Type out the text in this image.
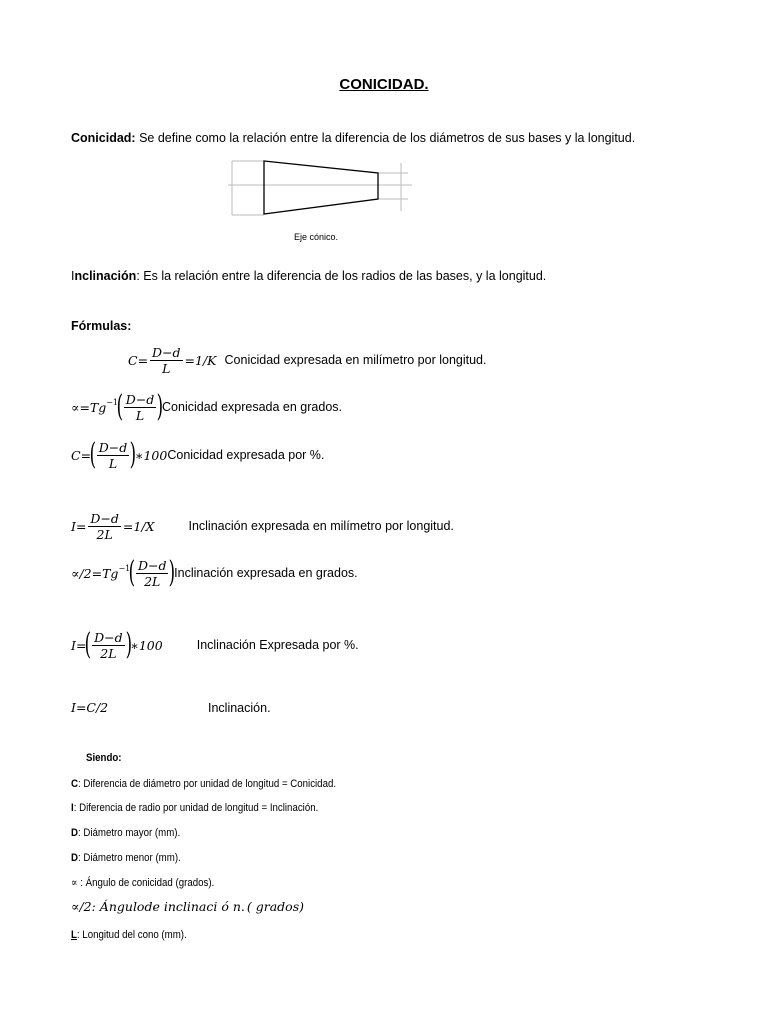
CONICIDAD.
Conicidad: Se define como la relación entre la diferencia de los diámetros de sus bases y la longitud.
Eje cónico.
Inclinación: Es la relación entre la diferencia de los radios de las bases, y la longitud.
Fórmulas:
$C= \frac{D-d}{L} =1/K$ Conicidad expresada en milímetro por longitud.
$\propto=Tg^{-1}$
( $\frac{D-d}{L}$ )
Conicidad expresada en grados.
C=
( $\frac{D-d}{L}$ )
∗100 Conicidad expresada por %.
$I= \frac{D-d}{2L} =1/X$	Inclinación expresada en milímetro por longitud.
$\propto/2=Tg^{-1}$
( $\frac{D-d}{2L}$ )
Inclinación expresada en grados.
I=
( $\frac{D-d}{2L}$ )
∗100	Inclinación Expresada por %.
I=C/2	Inclinación.
Siendo:
C: Diferencia de diámetro por unidad de longitud = Conicidad.
I: Diferencia de radio por unidad de longitud = Inclinación.
D: Diámetro mayor (mm).
D: Diámetro menor (mm).
∝ : Ángulo de conicidad (grados).
∝/2: Ángulode inclinaci ó n. ( grados)
L: Longitud del cono (mm).
